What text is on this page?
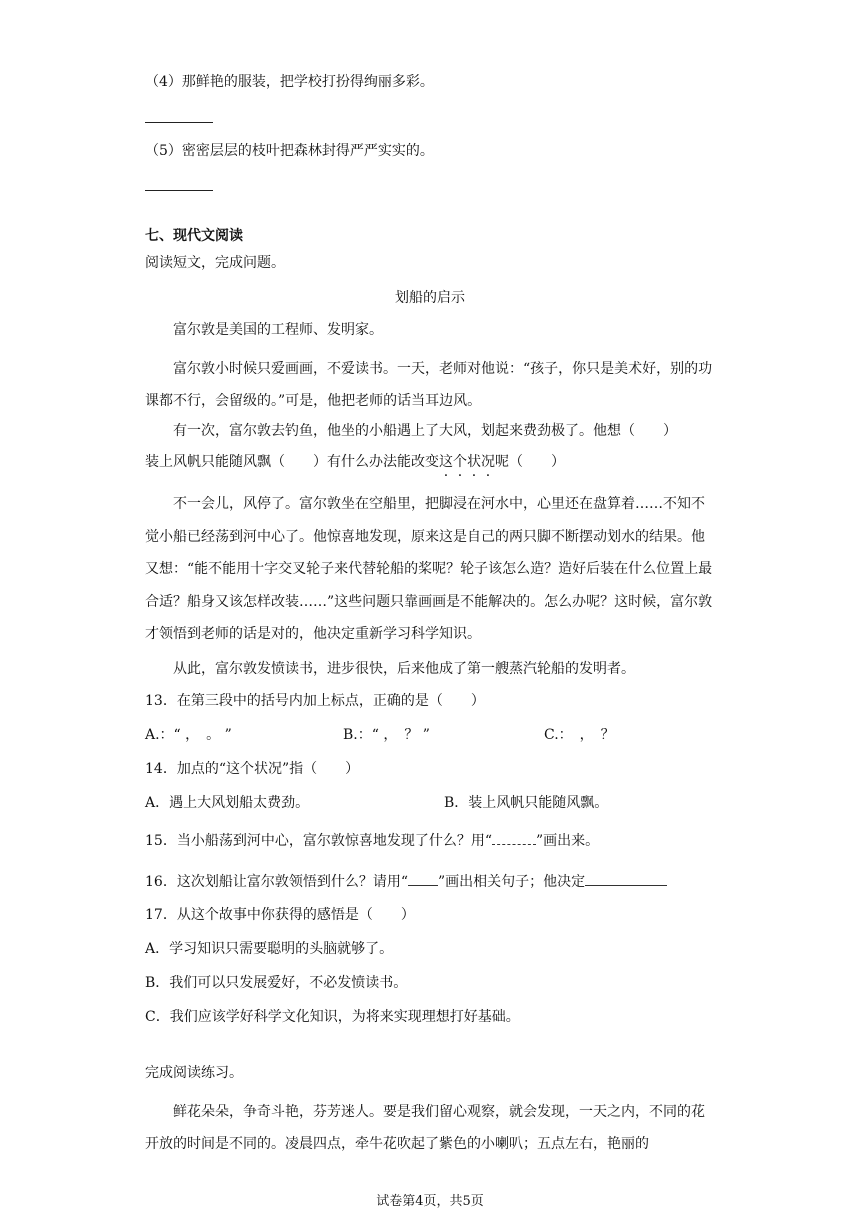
（4）那鲜艳的服装，把学校打扮得绚丽多彩。
（5）密密层层的枝叶把森林封得严严实实的。
七、现代文阅读
阅读短文，完成问题。
划船的启示
富尔敦是美国的工程师、发明家。
富尔敦小时候只爱画画，不爱读书。一天，老师对他说：“孩子，你只是美术好，别的功课都不行，会留级的。”可是，他把老师的话当耳边风。
有一次，富尔敦去钓鱼，他坐的小船遇上了大风，划起来费劲极了。他想（　　）
装上风帆只能随风飘（　　）有什么办法能改变这个状况呢（　　）
不一会儿，风停了。富尔敦坐在空船里，把脚浸在河水中，心里还在盘算着……不知不觉小船已经荡到河中心了。他惊喜地发现，原来这是自己的两只脚不断摆动划水的结果。他又想：“能不能用十字交叉轮子来代替轮船的桨呢？轮子该怎么造？造好后装在什么位置上最合适？船身又该怎样改装……”这些问题只靠画画是不能解决的。怎么办呢？这时候，富尔敦才领悟到老师的话是对的，他决定重新学习科学知识。
从此，富尔敦发愤读书，进步很快，后来他成了第一艘蒸汽轮船的发明者。
13．在第三段中的括号内加上标点，正确的是（　　）
A.：“ ，　。 ”	B.：“ ，　？ ”	C.：　，　？
14．加点的“这个状况”指（　　）
A．遇上大风划船太费劲。	B．装上风帆只能随风飘。
15．当小船荡到河中心，富尔敦惊喜地发现了什么？用“	”画出来。
16．这次划船让富尔敦领悟到什么？请用“ ”画出相关句子；他决定
17．从这个故事中你获得的感悟是（　　）
A．学习知识只需要聪明的头脑就够了。
B．我们可以只发展爱好，不必发愤读书。
C．我们应该学好科学文化知识，为将来实现理想打好基础。
完成阅读练习。
鲜花朵朵，争奇斗艳，芬芳迷人。要是我们留心观察，就会发现，一天之内，不同的花开放的时间是不同的。凌晨四点，牵牛花吹起了紫色的小喇叭；五点左右，艳丽的
试卷第4页，共5页
